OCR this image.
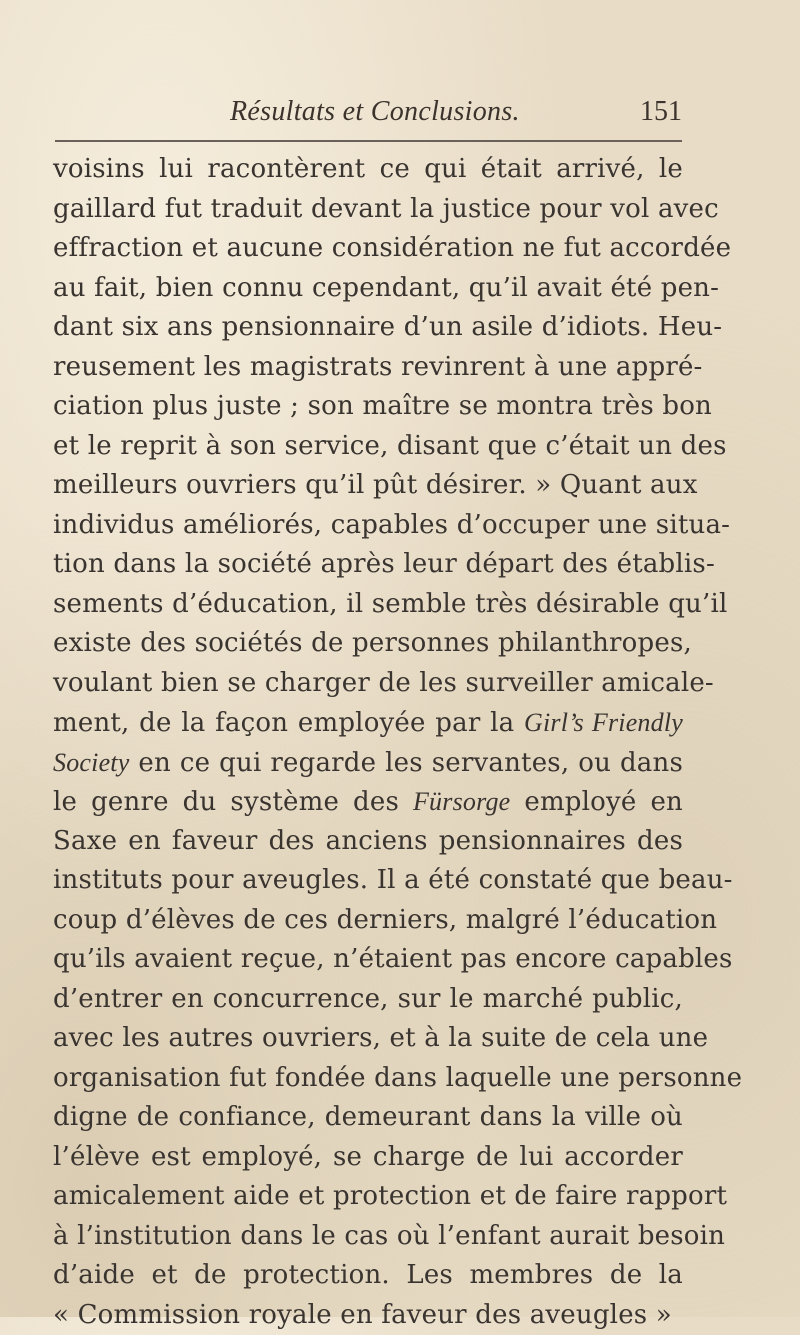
Résultats et Conclusions.	151
voisins lui racontèrent ce qui était arrivé, le
gaillard fut traduit devant la justice pour vol avec
effraction et aucune considération ne fut accordée
au fait, bien connu cependant, qu’il avait été pen-
dant six ans pensionnaire d’un asile d’idiots. Heu-
reusement les magistrats revinrent à une appré-
ciation plus juste ; son maître se montra très bon
et le reprit à son service, disant que c’était un des
meilleurs ouvriers qu’il pût désirer. » Quant aux
individus améliorés, capables d’occuper une situa-
tion dans la société après leur départ des établis-
sements d’éducation, il semble très désirable qu’il
existe des sociétés de personnes philanthropes,
voulant bien se charger de les surveiller amicale-
ment, de la façon employée par la Girl’s Friendly
Society en ce qui regarde les servantes, ou dans
le genre du système des Fürsorge employé en
Saxe en faveur des anciens pensionnaires des
instituts pour aveugles. Il a été constaté que beau-
coup d’élèves de ces derniers, malgré l’éducation
qu’ils avaient reçue, n’étaient pas encore capables
d’entrer en concurrence, sur le marché public,
avec les autres ouvriers, et à la suite de cela une
organisation fut fondée dans laquelle une personne
digne de confiance, demeurant dans la ville où
l’élève est employé, se charge de lui accorder
amicalement aide et protection et de faire rapport
à l’institution dans le cas où l’enfant aurait besoin
d’aide et de protection. Les membres de la
« Commission royale en faveur des aveugles »
